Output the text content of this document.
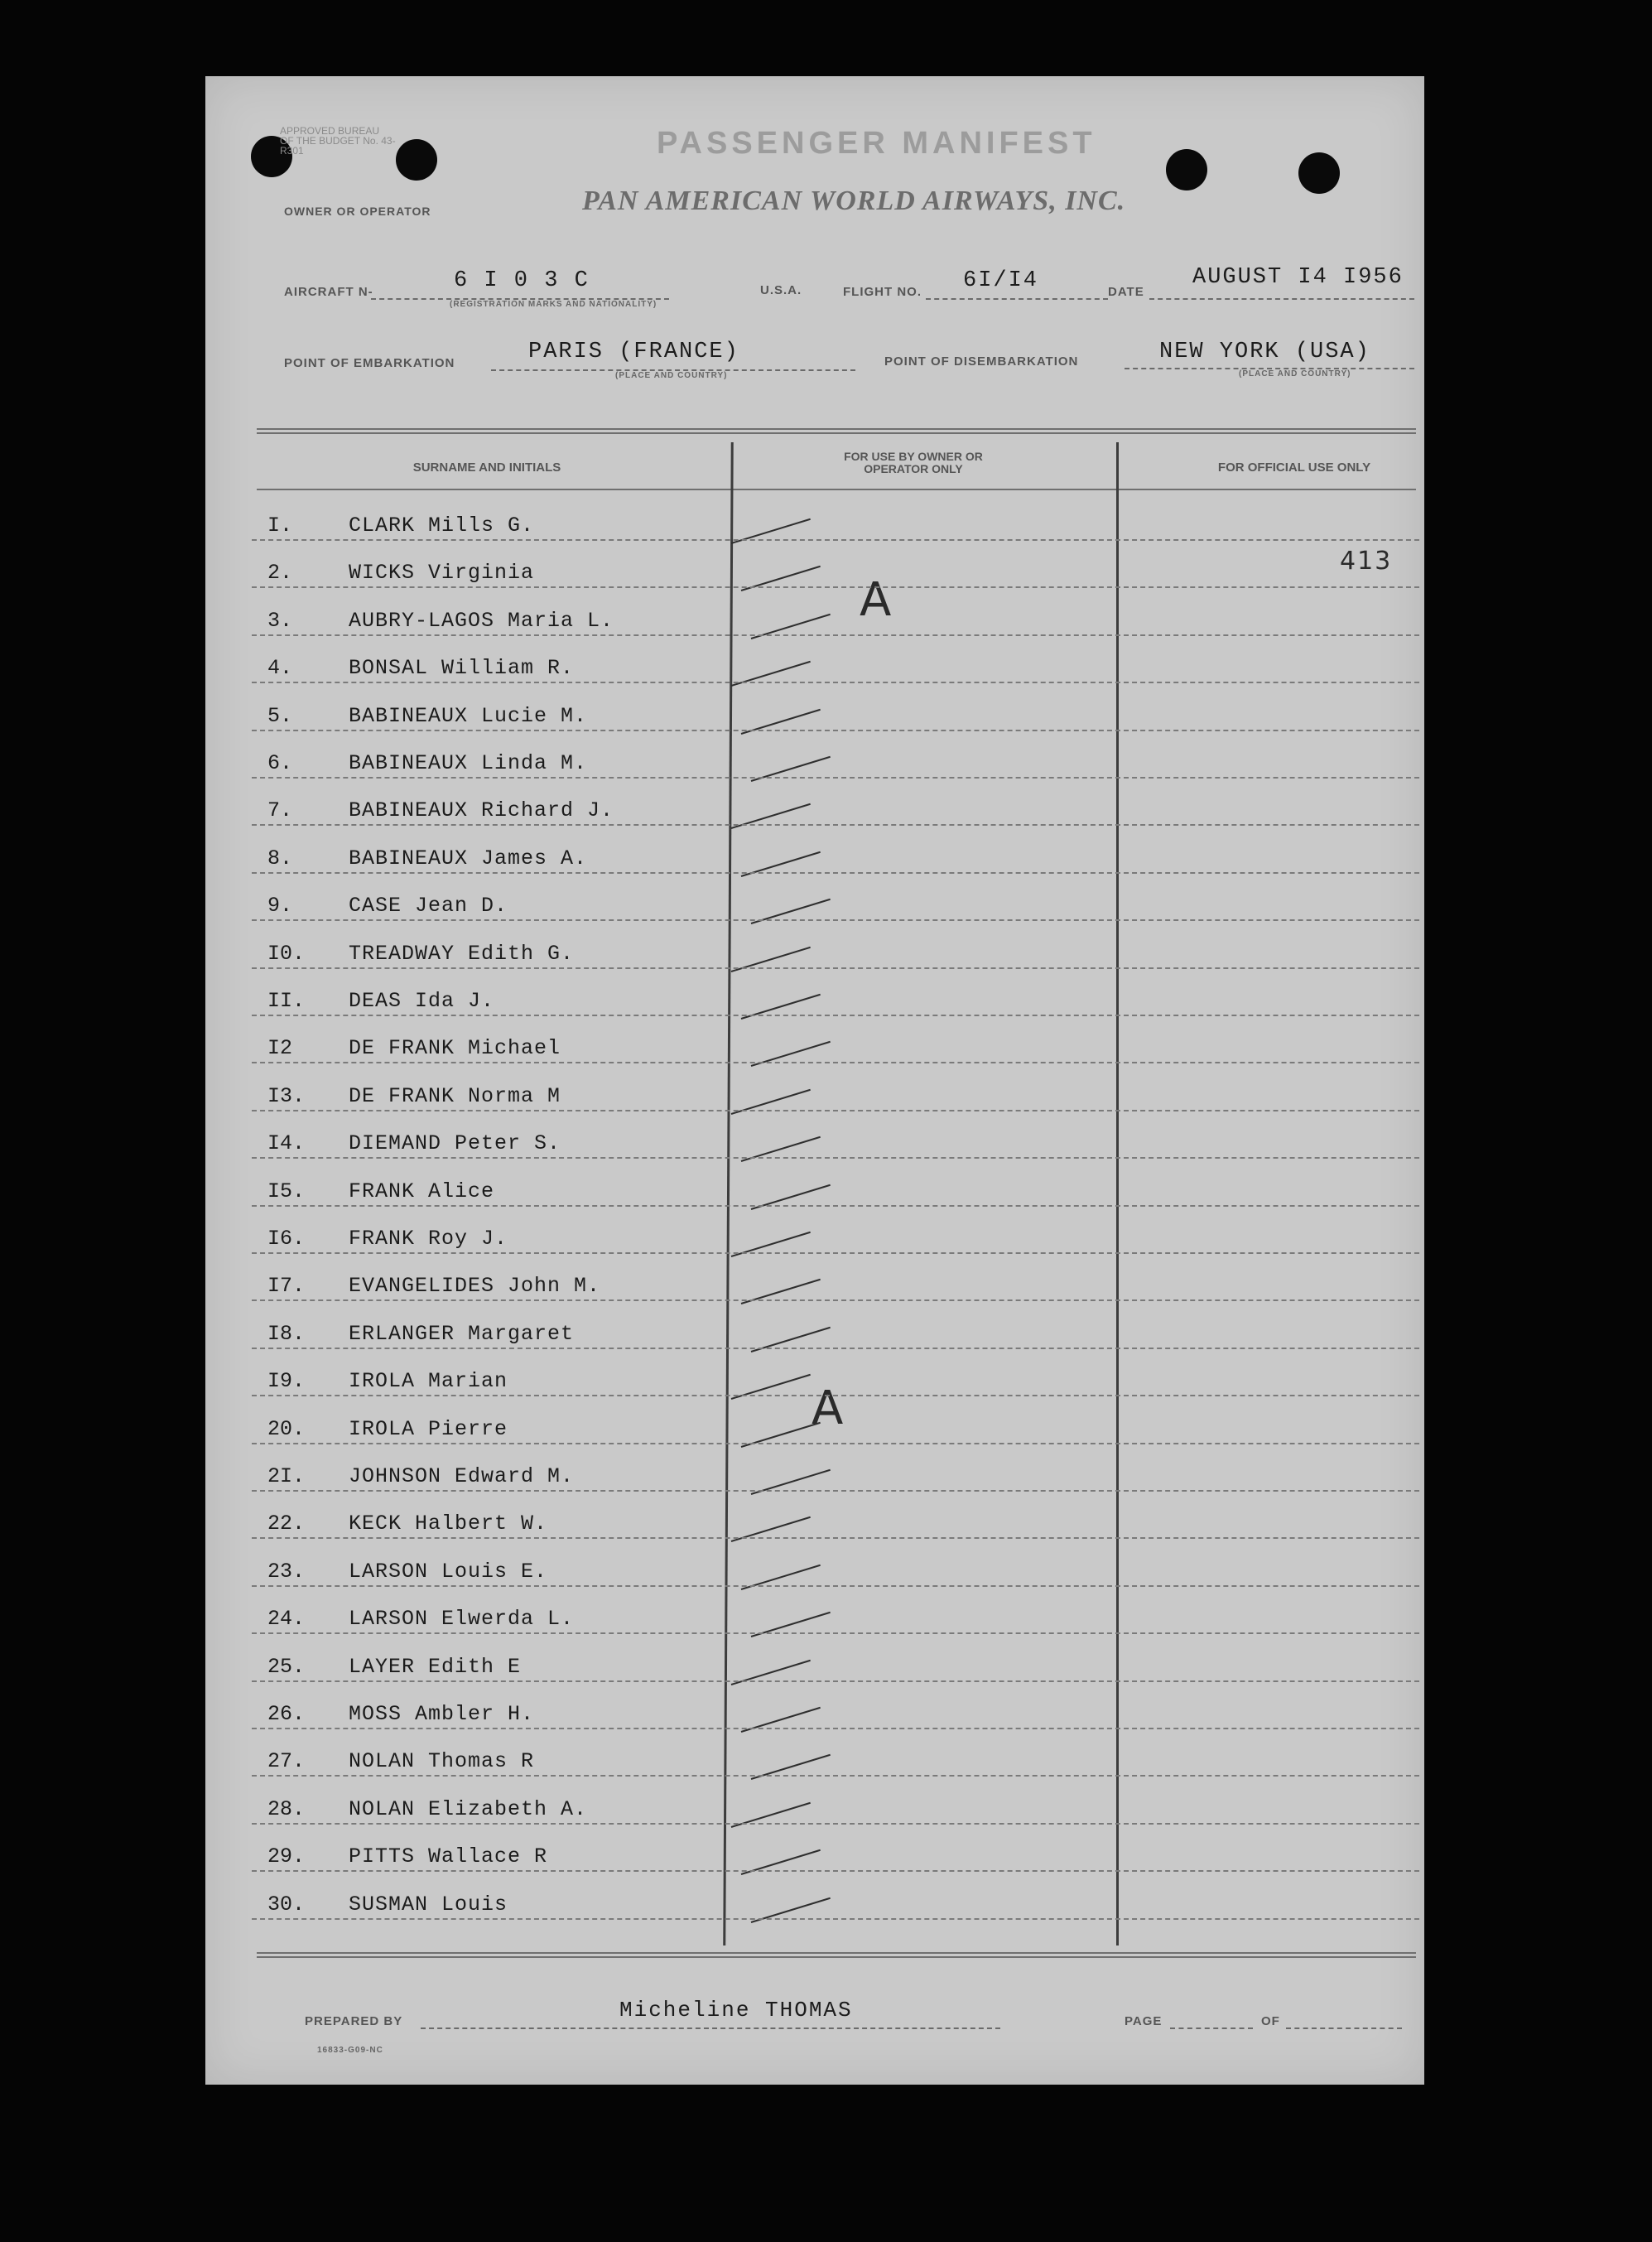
APPROVED BUREAU OF THE BUDGET No. 43-R301	PASSENGER MANIFEST
PAN AMERICAN WORLD AIRWAYS, INC.
OWNER OR OPERATOR
AIRCRAFT N-	6 I 0 3 C
(REGISTRATION MARKS AND NATIONALITY)
U.S.A.	FLIGHT NO. 6I/I4	DATE
AUGUST I4 I956
POINT OF EMBARKATION	PARIS (FRANCE)
(PLACE AND COUNTRY)
POINT OF DISEMBARKATION	NEW YORK (USA)
(PLACE AND COUNTRY)
SURNAME AND INITIALS
FOR USE BY OWNER OR OPERATOR ONLY	FOR OFFICIAL USE ONLY
A
A
413
PREPARED BY	Micheline THOMAS	PAGE	OF
16833-G09-NC
I.	CLARK Mills G.
2.	WICKS Virginia
3.	AUBRY-LAGOS Maria L.
4.	BONSAL William R.
5.	BABINEAUX Lucie M.
6.	BABINEAUX Linda M.
7.	BABINEAUX Richard J.
8.	BABINEAUX James A.
9.	CASE Jean D.
I0.	TREADWAY Edith G.
II.	DEAS Ida J.
I2	DE FRANK Michael
I3.	DE FRANK Norma M
I4.	DIEMAND Peter S.
I5.	FRANK Alice
I6.	FRANK Roy J.
I7.	EVANGELIDES John M.
I8.	ERLANGER Margaret
I9.	IROLA Marian
20.	IROLA Pierre
2I.	JOHNSON Edward M.
22.	KECK Halbert W.
23.	LARSON Louis E.
24.	LARSON Elwerda L.
25.	LAYER Edith E
26.	MOSS Ambler H.
27.	NOLAN Thomas R
28.	NOLAN Elizabeth A.
29.	PITTS Wallace R
30.	SUSMAN Louis
